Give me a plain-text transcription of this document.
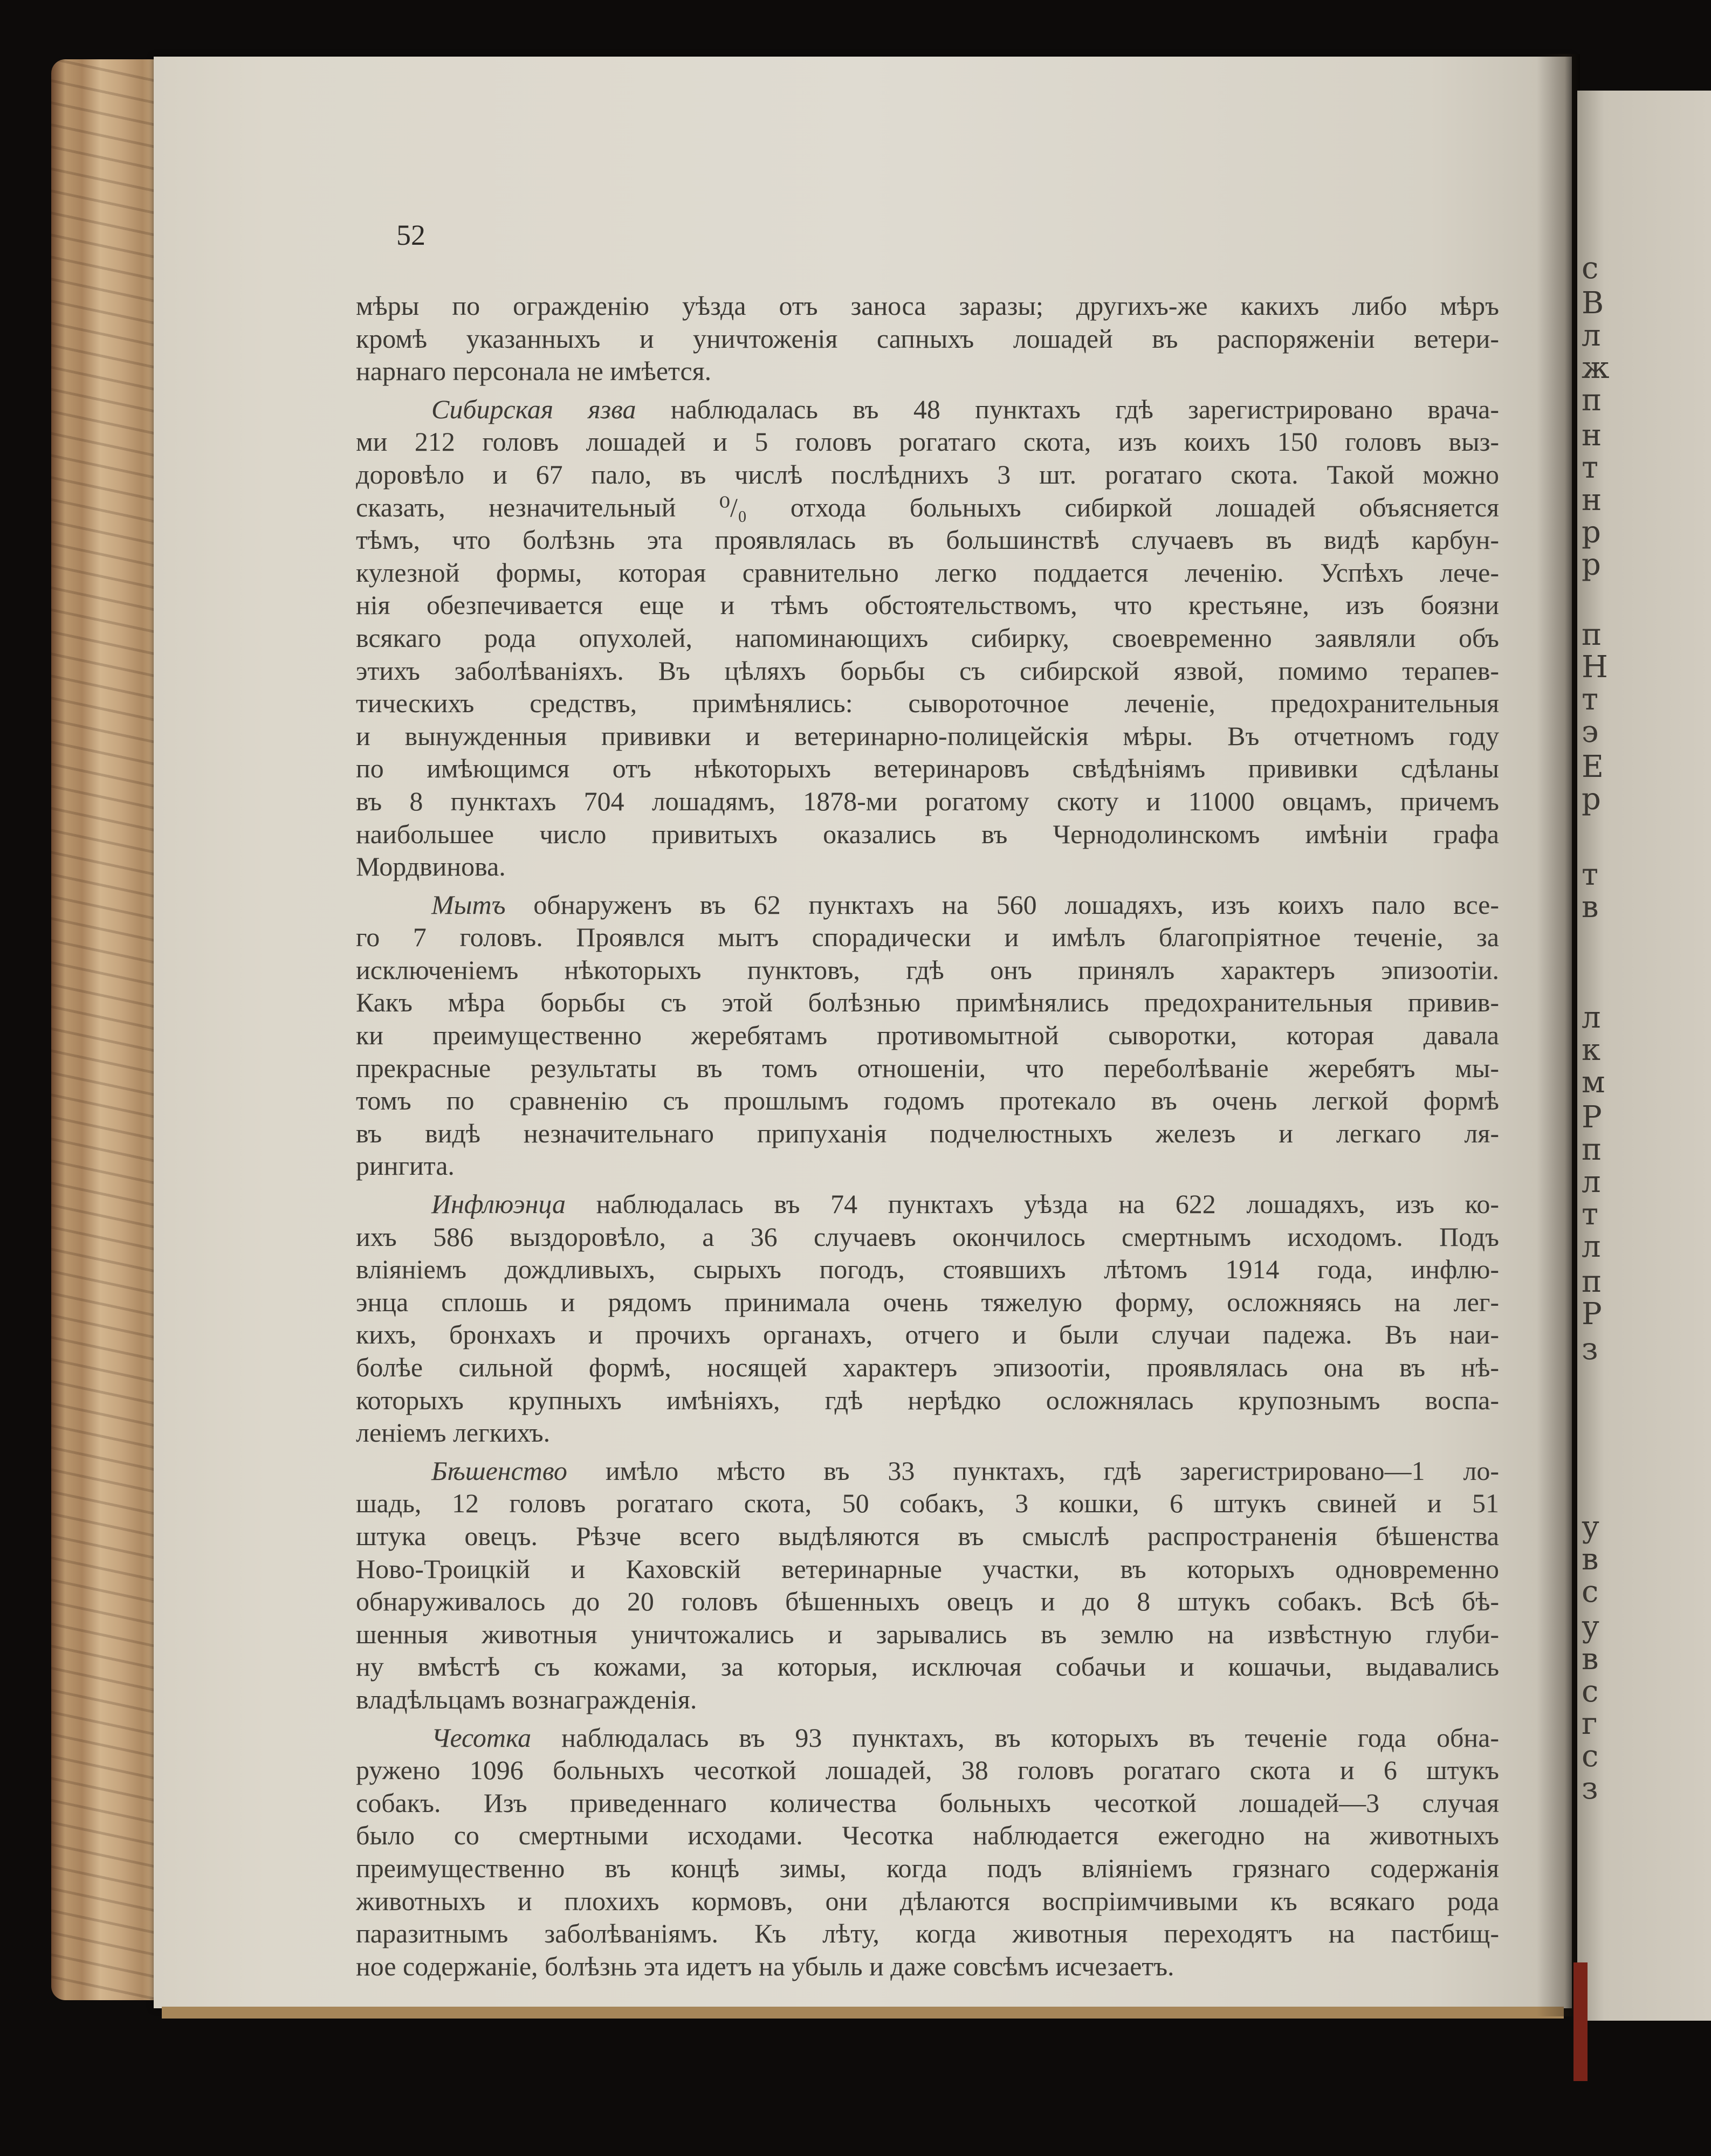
с
В
л
ж
п
н
т
н
р
р
п
Н
т
э
Е
р
т
в
л
к
м
Р
п
л
т
л
п
Р
з
у
в
с
у
в
с
г
с
з
52
мѣры по огражденію уѣзда отъ заноса заразы; другихъ-же какихъ либо мѣръ
кромѣ указанныхъ и уничтоженія сапныхъ лошадей въ распоряженіи ветери-
нарнаго персонала не имѣется.
Сибирская язва наблюдалась въ 48 пунктахъ гдѣ зарегистрировано врача-
ми 212 головъ лошадей и 5 головъ рогатаго скота, изъ коихъ 150 головъ выз-
доровѣло и 67 пало, въ числѣ послѣднихъ 3 шт. рогатаго скота. Такой можно
сказать, незначительный ⁰/₀ отхода больныхъ сибиркой лошадей объясняется
тѣмъ, что болѣзнь эта проявлялась въ большинствѣ случаевъ въ видѣ карбун-
кулезной формы, которая сравнительно легко поддается леченію. Успѣхъ лече-
нія обезпечивается еще и тѣмъ обстоятельствомъ, что крестьяне, изъ боязни
всякаго рода опухолей, напоминающихъ сибирку, своевременно заявляли объ
этихъ заболѣваніяхъ. Въ цѣляхъ борьбы съ сибирской язвой, помимо терапев-
тическихъ средствъ, примѣнялись: сывороточное леченіе, предохранительныя
и вынужденныя прививки и ветеринарно-полицейскія мѣры. Въ отчетномъ году
по имѣющимся отъ нѣкоторыхъ ветеринаровъ свѣдѣніямъ прививки сдѣланы
въ 8 пунктахъ 704 лошадямъ, 1878-ми рогатому скоту и 11000 овцамъ, причемъ
наибольшее число привитыхъ оказались въ Чернодолинскомъ имѣніи графа
Мордвинова.
Мытъ обнаруженъ въ 62 пунктахъ на 560 лошадяхъ, изъ коихъ пало все-
го 7 головъ. Проявлся мытъ спорадически и имѣлъ благопріятное теченіе, за
исключеніемъ нѣкоторыхъ пунктовъ, гдѣ онъ принялъ характеръ эпизоотіи.
Какъ мѣра борьбы съ этой болѣзнью примѣнялись предохранительныя привив-
ки преимущественно жеребятамъ противомытной сыворотки, которая давала
прекрасные результаты въ томъ отношеніи, что переболѣваніе жеребятъ мы-
томъ по сравненію съ прошлымъ годомъ протекало въ очень легкой формѣ
въ видѣ незначительнаго припуханія подчелюстныхъ железъ и легкаго ля-
рингита.
Инфлюэнца наблюдалась въ 74 пунктахъ уѣзда на 622 лошадяхъ, изъ ко-
ихъ 586 выздоровѣло, а 36 случаевъ окончилось смертнымъ исходомъ. Подъ
вліяніемъ дождливыхъ, сырыхъ погодъ, стоявшихъ лѣтомъ 1914 года, инфлю-
энца сплошь и рядомъ принимала очень тяжелую форму, осложняясь на лег-
кихъ, бронхахъ и прочихъ органахъ, отчего и были случаи падежа. Въ наи-
болѣе сильной формѣ, носящей характеръ эпизоотіи, проявлялась она въ нѣ-
которыхъ крупныхъ имѣніяхъ, гдѣ нерѣдко осложнялась крупознымъ воспа-
леніемъ легкихъ.
Бѣшенство имѣло мѣсто въ 33 пунктахъ, гдѣ зарегистрировано—1 ло-
шадь, 12 головъ рогатаго скота, 50 собакъ, 3 кошки, 6 штукъ свиней и 51
штука овецъ. Рѣзче всего выдѣляются въ смыслѣ распространенія бѣшенства
Ново-Троицкій и Каховскій ветеринарные участки, въ которыхъ одновременно
обнаруживалось до 20 головъ бѣшенныхъ овецъ и до 8 штукъ собакъ. Всѣ бѣ-
шенныя животныя уничтожались и зарывались въ землю на извѣстную глуби-
ну вмѣстѣ съ кожами, за которыя, исключая собачьи и кошачьи, выдавались
владѣльцамъ вознагражденія.
Чесотка наблюдалась въ 93 пунктахъ, въ которыхъ въ теченіе года обна-
ружено 1096 больныхъ чесоткой лошадей, 38 головъ рогатаго скота и 6 штукъ
собакъ. Изъ приведеннаго количества больныхъ чесоткой лошадей—3 случая
было со смертными исходами. Чесотка наблюдается ежегодно на животныхъ
преимущественно въ концѣ зимы, когда подъ вліяніемъ грязнаго содержанія
животныхъ и плохихъ кормовъ, они дѣлаются воспріимчивыми къ всякаго рода
паразитнымъ заболѣваніямъ. Къ лѣту, когда животныя переходятъ на пастбищ-
ное содержаніе, болѣзнь эта идетъ на убыль и даже совсѣмъ исчезаетъ.
